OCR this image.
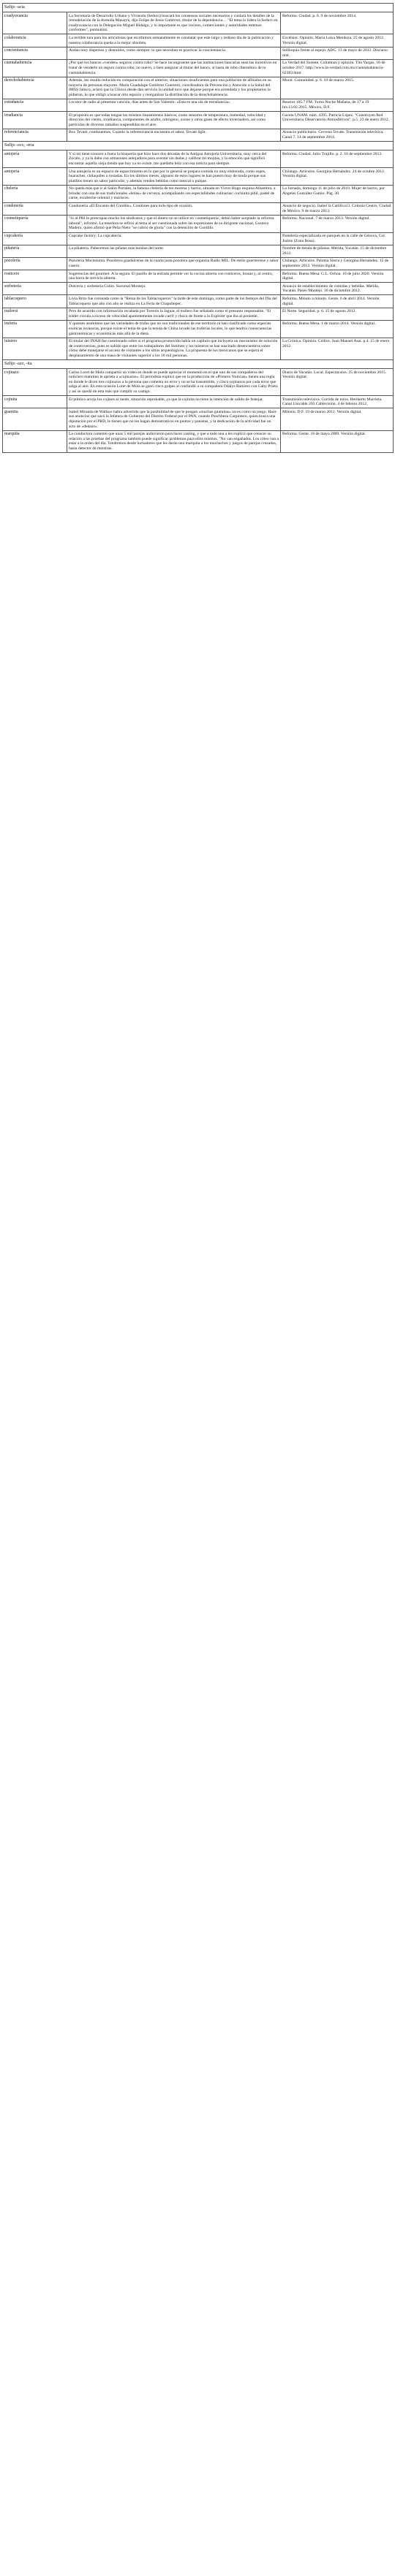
Sufijo -acia		
coadyuvancia	La Secretaría de Desarrollo Urbano y Vivienda (Seduvi) buscará los consensos sociales necesarios y cuidará los detalles de la remodelación de la Avenida Masaryk, dijo Felipe de Jesús Gutiérrez, titular de la dependencia… "El tema lo lidera la Seduvi en coadyuvancia con la Delegación Miguel Hidalgo, y lo importante es que vecinos, comerciantes y autoridades estemos conformes", puntualizó.	Reforma. Ciudad. p. 6. 9 de noviembre 2014.
colaborancia	La terrible tara para los articulistas que escribimos semanalmente es constatar que este largo y tedioso día de la publicación y nuestra colaborancia queda a lo mejor obsoleta.	Excélsior. Opinión. María Luisa Mendoza. 25 de agosto 2012. Versión digital.
concientancia	Andan muy dispersos y distraídos, como siempre: lo que necesitan es practicar la concientancia.	Soliloquio frente al espejo. ADC. 13 de mayo de 2012. Discurso oral.
cuentahabiencia	¿Por qué los bancos «venden» seguros contra robo? Se hace incongruente que las instituciones bancarias sean las incentivos en tratar de venderte un seguro contra robo, no nuevo, o bien asegurar al titular del banco, si hasta de robo cibernético de tu cuentahabiencia.	La Verdad del Sureste. Columnas y opinión. Tito Vargas. 16 de octubre 2017. http://www.la-verdad.com.mx/cuentahabiencia-62383.html
derechohabiencia	Además, les resulta reducido en comparación con el anterior, situaciones insuficientes para una población de afiliados en su mayoría de personas mayores. María Guadalupe Gutiérrez Guerrero, coordinadora de Prevención y Atención a la Salud del IMSS Jalisco, aclaró que la Clínica desde dan servicio la unidad tuvo que dejarse porque era arrendada y los propietarios la pidieron, lo que obligó a buscar otro espacio y reorganizar la distribución de la derechohabiencia.	Mural. Comunidad. p. 6. 10 de marzo 2015.
estrañancia	Locutor de radio al presentar canción, días antes de San Valentín: «Esta es una ola de estrañancia».	Reactor 105.7 FM. Turno Noche Mañana, de 17 a 19 hrs.13.02.2015. México, D.F.
irradiancia	El propósito es que todas tengan los mismos lineamientos básicos, como sensores de temperatura, humedad, velocidad y dirección del viento, irradiancia, componentes de azufre, nitrógeno, ozono y otros gases de efecto invernadero, así como partículas de diversos tamaños suspendidas en el aire.	Gaceta UNAM. núm. 4395. Patricia López. "Construyen Red Universitaria Observatorio Atmosféricos". p.5. 23 de enero 2012.
referenciancia	Box Tevaté, continuemos. Cuando la referenciancia encuentra el sabor, Tevaté light.	Anuncio publicitario. Cervena Tevate. Transmisión televisiva. Canal 7. 14 de septiembre 2014.
Sufijo -eco, -eria		
antojería	Y si mi tiene conocer a fuera la bisquería que hizo hace dos décadas de la Antigua Antojería Universitaria, muy cerca del Zócalo, y ya la daba con armazones antojadizos para aventar sin dudas y calibrar mi mojitas, y la emoción que significó encontrar aquella vieja tienda que hoy ya no existe, me quedaba feliz con esa noticia para siempre.	Reforma. Ciudad. Julio Trujillo. p. 2. 16 de septiembre 2013.
antojeria	Una antojería es un espacio de esparcimiento en lo que por lo general se prepara comida no muy elaborada, como sopes, huaraches, chilaquiles o tostadas. En los últimos meses, algunos de estos lugares se han puesto muy de moda porque sus platillos tienen un sabor particular, y además venden bebidas como mezcal o pulque.	Chilango. Artículos. Georgina Hernández. 24 de octubre 2012. Versión digital.
chelería	No queda más que ir al Salón Portales, la famosa chelería de tez morena y barrio, situada en Víctor Hugo esquina Alhambra, a brindar con una de sus tradicionales «bolas» de cerveza, acompañando sus especialidades culinarias: cochinita pibil, pastel de carne, escabeche oriental y mariscos.	La Jornada, domingo 11 de julio de 2010. Mujer de barrio, por Ángeles González Gamio. Pág. 30.
condonería	Condonería «El Encanto del Condón». Condones para todo tipo de ocasión.	Anuncio de negocio. Isabel la Católica13. Colonia Centro, Ciudad de México. 9 de marzo 2013.
cosmetiquería	"Si al PRI le preocupan mucho los sindicatos y que el dinero no se utilice en 'cosmetiquería', debió haber aceptado la reforma laboral", informó. La tenedora se refirió al tema al ser cuestionada sobre las expresiones de su dirigente nacional, Gustavo Madero, quien afirmó que Peña Nieto "se cubrió de gloria" con la detención de Gordillo.	Reforma. Nacional. 7 de marzo 2013. Versión digital.
cupcakería	Cupcake factory: La cupcakería.	Pastelería especializada en panqués en la calle de Génova, Col. Juárez (Zona Rosa).
piñatería	La piñatería. Pabecemos las piñatas más bonitas del norte.	Nombre de tienda de piñatas. Mérida, Yucatán. 15 de diciembre 2012.
pozolería	Pozolería Moctezuma. Pozoleros guadalcense de la cuarta justa pozolera que organiza Radio MIL. De estilo guerrerense y sabor casero.	Chilango. Artículos. Paloma Sierra y Georgina Hernández. 15 de septiembre 2012. Versión digital.
rosticero	Sugerencias del gourmet: A la segura. El pasillo de la entrada permite ver la cocina abierta con rosticeros, brasas y, al centro, una barra de servicio abierta.	Reforma. Buena Mesa. G.L. Ochoa. 10 de julio 2020. Versión digital.
sorbetería	Dulcería y sorbetería Colón. Sucursal Montejo.	Anuncio de establecimiento de comidas y bebidas. Mérida, Yucatán. Paseo Montejo. 16 de diciembre 2012.
tablacoquero	Livia Brito fue coronada como la "Reina de los Tablacoqueros" la tarde de este domingo, como parte de los festejos del Día del Tablacoquero que año con año se realiza en La Feria de Chapultepec.	Reforma. Minuto a minuto. Gente. 6 de abril 2014. Versión digital.
traileroi	Pero de acuerdo con información recabada por Torreón la Jaguar, el trailero fue señalado como el presunto responsable. "El tráiler circula a exceso de velocidad aparentemente invade carril y choca de frente a la Explorer que iba al poniente.	El Norte. Seguridad. p. 6. 15 de agosto 2012.
trufería	Y quienes asumimos que las variedades de trufas que no son tradicionales de ese territorio ni han clasificado como especies exóticas invasoras, porque existe el tema de que la tenida de China invade las truferías locales, lo que tendría consecuencias gastronómicas y económicas más allá de la dieta.	Reforma. Buena Mesa. 1 de marzo 2014. Versión digital.
tuistero	El titular del INAH fue cuestionado sobre si el programa promovido había un capítulo que incluyera un mecanismo de solución de controversias, pues es sabido que entre los trabajadores del Instituto y los tuisteros se han suscitado desencuentros sobre cómo debe manejarse el acceso de visitantes a los sitios arqueológicos. La propuesta de los mexicanos que se espera el desplazamiento de una masa de visitantes superior a los 10 mil personas.	La Crónica. Opinión. Códice. Juan Manuel Asai. p.4. 15 de enero 2012.
Sufijo -azo, -ita		
cojinazo	Carlos Loret de Mola compartió un video en donde se puede apreciar el momento en el que uno de sus compañeros del noticiero matutino le aprieta a «cojinazos». El periodista explicó que en la producción de «Primero Noticias» tienen una regla en donde le dicen tres cojinazos a la persona que comenta un error y no se ha transmitido, y cinco cojinazos por cada error que salga al aire. En esta ocasión Loret de Mola se ganó cinco golpes al confundir a su compañera Odalys Ramírez con Gaby Prieto y así se quedó de esta más que cumplir su castigo.	Diario de Yucatán. Local. Espectáculos. 25 de noviembre 2015. Versión digital.
cojinita	El público arroja los cojines al ruedo, situación reprobable, ya que la cojinita no tiene la intención de salido de festejar.	Transmisión televisiva. Corrida de toros. Heriberto Murrieta. Canal Unicable 203 Cablevisión. 4 de febrero 2012.
guamita	Isabel Miranda de Wallace había advertido que la posibilidad de que le pongan «muchas guamitas» no es como un juego. Hace sus anuncios que sacó la Jefatura de Gobierno del Distrito Federal por el PAN, cuando Puschbeza Carpintero, quien busca una diputación por el PRD, le tienen que no les hagan demostrativos en puntos y panistas, y la dedicación de la actividad fue un acto de «dedazo».	Milenio. D.F. 19 de marzo 2012. Versión digital.
marquita	La conductora comentó que unas 5 mil parejas anduvieron para hacer casting, y que a todo una a les explicó que conocer su relación a las pruebas del programa también puede significar problemas para ellos mismos. "No van engañados. Los cóleo van a estar a la orden del día. Tendremos desde luchadores que les darán una marquita a los muchachos y juegos de parejas cruzadas, hasta detector de mentiras.	Reforma. Gente. 16 de mayo 2009. Versión digital.
